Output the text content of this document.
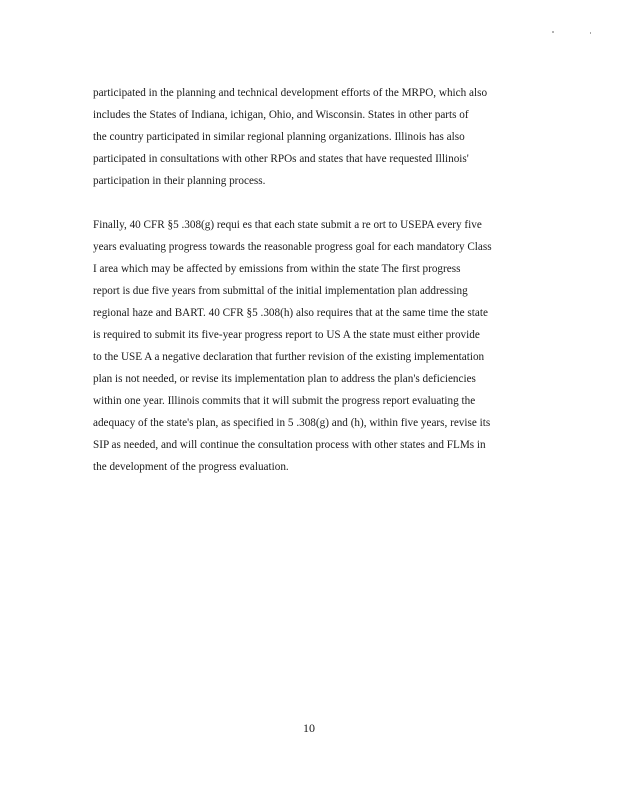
participated in the planning and technical development efforts of the MRPO, which also
includes the States of Indiana, ichigan, Ohio, and Wisconsin. States in other parts of
the country participated in similar regional planning organizations. Illinois has also
participated in consultations with other RPOs and states that have requested Illinois'
participation in their planning process.
Finally, 40 CFR §5 .308(g) requi es that each state submit a re ort to USEPA every five
years evaluating progress towards the reasonable progress goal for each mandatory Class
I area which may be affected by emissions from within the state The first progress
report is due five years from submittal of the initial implementation plan addressing
regional haze and BART. 40 CFR §5 .308(h) also requires that at the same time the state
is required to submit its five-year progress report to US A the state must either provide
to the USE A a negative declaration that further revision of the existing implementation
plan is not needed, or revise its implementation plan to address the plan's deficiencies
within one year. Illinois commits that it will submit the progress report evaluating the
adequacy of the state's plan, as specified in 5 .308(g) and (h), within five years, revise its
SIP as needed, and will continue the consultation process with other states and FLMs in
the development of the progress evaluation.
10
